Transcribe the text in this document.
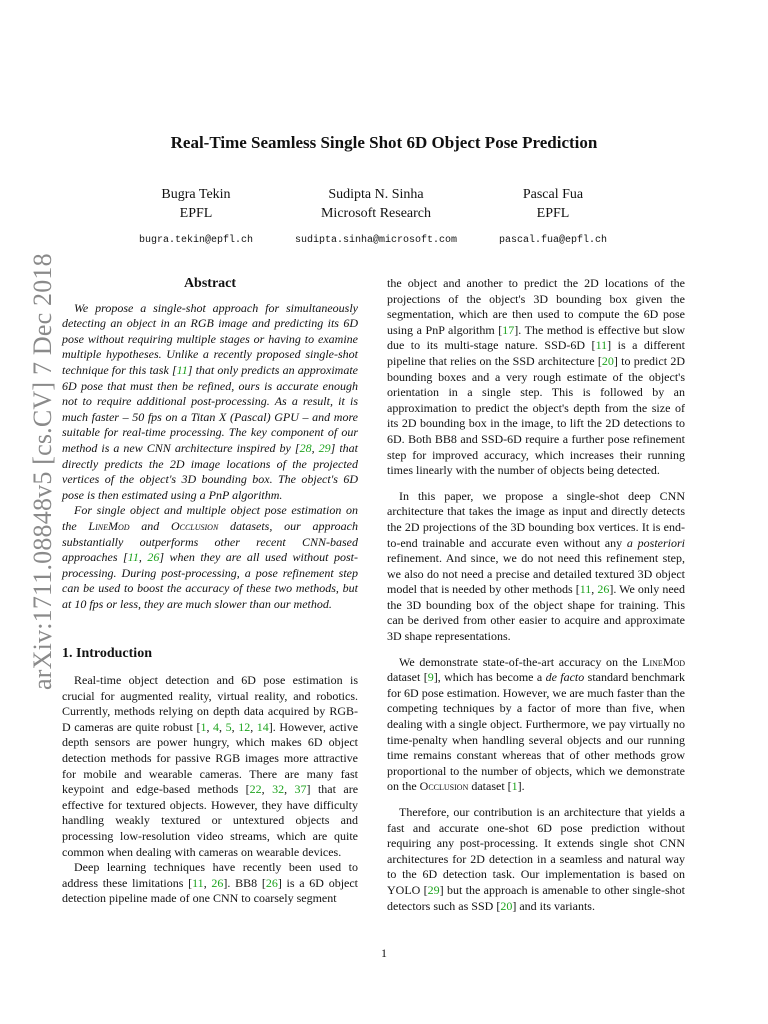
arXiv:1711.08848v5 [cs.CV] 7 Dec 2018
Real-Time Seamless Single Shot 6D Object Pose Prediction
Bugra Tekin
EPFL
bugra.tekin@epfl.ch
Sudipta N. Sinha
Microsoft Research
sudipta.sinha@microsoft.com
Pascal Fua
EPFL
pascal.fua@epfl.ch
Abstract

We propose a single-shot approach for simultaneously detecting an object in an RGB image and predicting its 6D pose without requiring multiple stages or having to examine multiple hypotheses. Unlike a recently proposed single-shot technique for this task [11] that only predicts an approximate 6D pose that must then be refined, ours is accurate enough not to require additional post-processing. As a result, it is much faster – 50 fps on a Titan X (Pascal) GPU – and more suitable for real-time processing. The key component of our method is a new CNN architecture inspired by [28, 29] that directly predicts the 2D image locations of the projected vertices of the object's 3D bounding box. The object's 6D pose is then estimated using a PnP algorithm.

For single object and multiple object pose estimation on the LineMod and Occlusion datasets, our approach substantially outperforms other recent CNN-based approaches [11, 26] when they are all used without post-processing. During post-processing, a pose refinement step can be used to boost the accuracy of these two methods, but at 10 fps or less, they are much slower than our method.

1. Introduction

Real-time object detection and 6D pose estimation is crucial for augmented reality, virtual reality, and robotics. Currently, methods relying on depth data acquired by RGB-D cameras are quite robust [1, 4, 5, 12, 14]. However, active depth sensors are power hungry, which makes 6D object detection methods for passive RGB images more attractive for mobile and wearable cameras. There are many fast keypoint and edge-based methods [22, 32, 37] that are effective for textured objects. However, they have difficulty handling weakly textured or untextured objects and processing low-resolution video streams, which are quite common when dealing with cameras on wearable devices.

Deep learning techniques have recently been used to address these limitations [11, 26]. BB8 [26] is a 6D object detection pipeline made of one CNN to coarsely segment

the object and another to predict the 2D locations of the projections of the object's 3D bounding box given the segmentation, which are then used to compute the 6D pose using a PnP algorithm [17]. The method is effective but slow due to its multi-stage nature. SSD-6D [11] is a different pipeline that relies on the SSD architecture [20] to predict 2D bounding boxes and a very rough estimate of the object's orientation in a single step. This is followed by an approximation to predict the object's depth from the size of its 2D bounding box in the image, to lift the 2D detections to 6D. Both BB8 and SSD-6D require a further pose refinement step for improved accuracy, which increases their running times linearly with the number of objects being detected.

In this paper, we propose a single-shot deep CNN architecture that takes the image as input and directly detects the 2D projections of the 3D bounding box vertices. It is end-to-end trainable and accurate even without any a posteriori refinement. And since, we do not need this refinement step, we also do not need a precise and detailed textured 3D object model that is needed by other methods [11, 26]. We only need the 3D bounding box of the object shape for training. This can be derived from other easier to acquire and approximate 3D shape representations.

We demonstrate state-of-the-art accuracy on the LineMod dataset [9], which has become a de facto standard benchmark for 6D pose estimation. However, we are much faster than the competing techniques by a factor of more than five, when dealing with a single object. Furthermore, we pay virtually no time-penalty when handling several objects and our running time remains constant whereas that of other methods grow proportional to the number of objects, which we demonstrate on the Occlusion dataset [1].

Therefore, our contribution is an architecture that yields a fast and accurate one-shot 6D pose prediction without requiring any post-processing. It extends single shot CNN architectures for 2D detection in a seamless and natural way to the 6D detection task. Our implementation is based on YOLO [29] but the approach is amenable to other single-shot detectors such as SSD [20] and its variants.

1
